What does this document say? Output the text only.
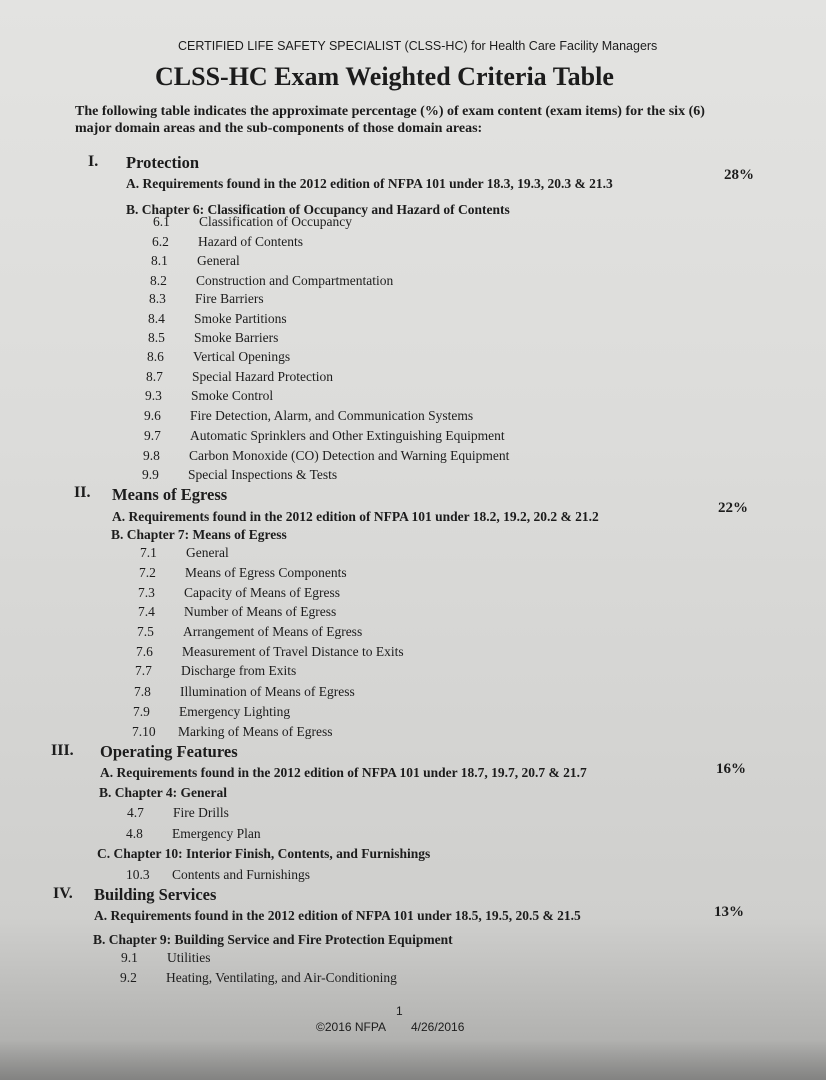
CERTIFIED LIFE SAFETY SPECIALIST (CLSS-HC) for Health Care Facility Managers
CLSS-HC Exam Weighted Criteria Table
The following table indicates the approximate percentage (%) of exam content (exam items) for the six (6)
major domain areas and the sub-components of those domain areas:
I. Protection
28%
A. Requirements found in the 2012 edition of NFPA 101 under 18.3, 19.3, 20.3 & 21.3
B. Chapter 6: Classification of Occupancy and Hazard of Contents
6.1 Classification of Occupancy
6.2 Hazard of Contents
8.1 General
8.2 Construction and Compartmentation
8.3 Fire Barriers
8.4 Smoke Partitions
8.5 Smoke Barriers
8.6 Vertical Openings
8.7 Special Hazard Protection
9.3 Smoke Control
9.6 Fire Detection, Alarm, and Communication Systems
9.7 Automatic Sprinklers and Other Extinguishing Equipment
9.8 Carbon Monoxide (CO) Detection and Warning Equipment
9.9 Special Inspections & Tests
II. Means of Egress
22%
A. Requirements found in the 2012 edition of NFPA 101 under 18.2, 19.2, 20.2 & 21.2
B. Chapter 7: Means of Egress
7.1 General
7.2 Means of Egress Components
7.3 Capacity of Means of Egress
7.4 Number of Means of Egress
7.5 Arrangement of Means of Egress
7.6 Measurement of Travel Distance to Exits
7.7 Discharge from Exits
7.8 Illumination of Means of Egress
7.9 Emergency Lighting
7.10 Marking of Means of Egress
III. Operating Features
16%
A. Requirements found in the 2012 edition of NFPA 101 under 18.7, 19.7, 20.7 & 21.7
B. Chapter 4: General
4.7 Fire Drills
4.8 Emergency Plan
C. Chapter 10: Interior Finish, Contents, and Furnishings
10.3 Contents and Furnishings
IV. Building Services
13%
A. Requirements found in the 2012 edition of NFPA 101 under 18.5, 19.5, 20.5 & 21.5
B. Chapter 9: Building Service and Fire Protection Equipment
9.1 Utilities
9.2 Heating, Ventilating, and Air-Conditioning
1
©2016 NFPA 4/26/2016
